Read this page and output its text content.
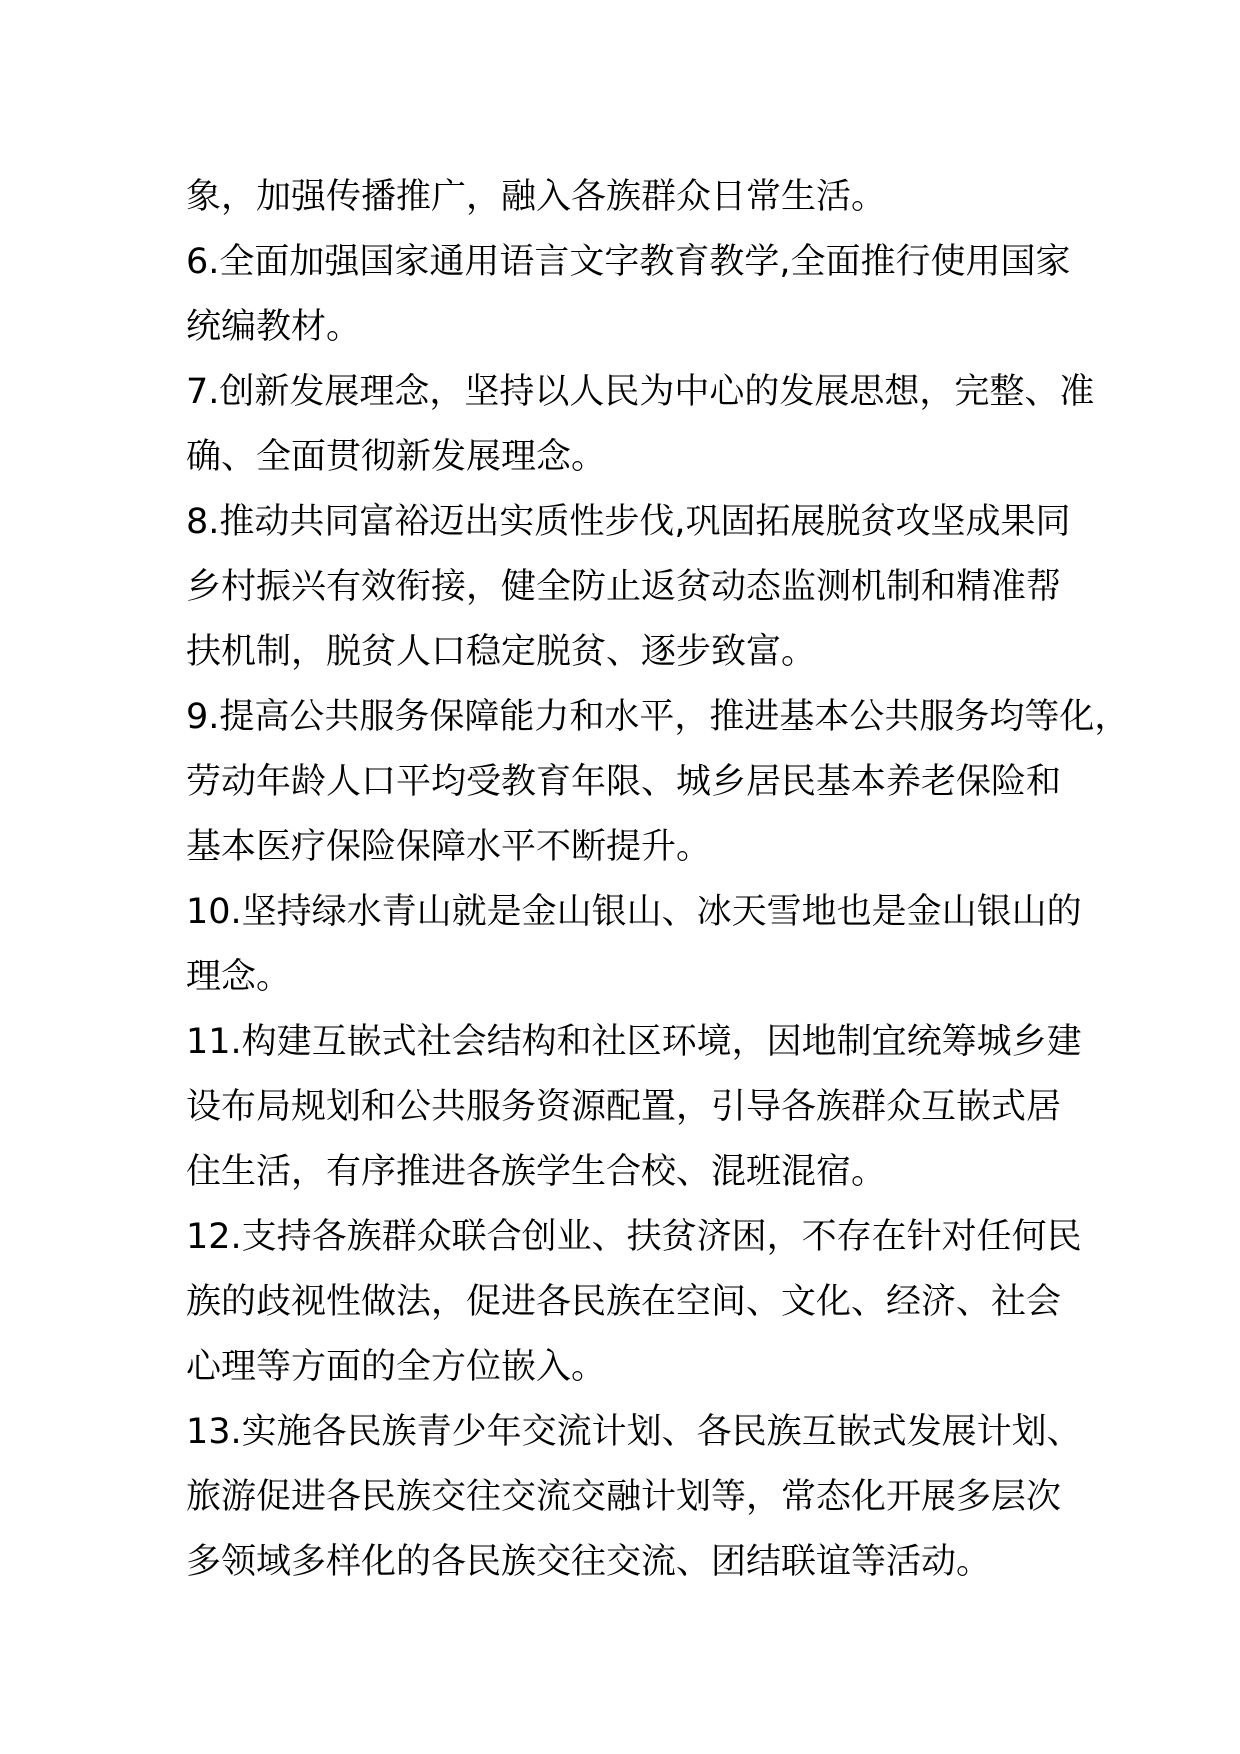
象，加强传播推广，融入各族群众日常生活。
6.全面加强国家通用语言文字教育教学,全面推行使用国家
统编教材。
7.创新发展理念，坚持以人民为中心的发展思想，完整、准
确、全面贯彻新发展理念。
8.推动共同富裕迈出实质性步伐,巩固拓展脱贫攻坚成果同
乡村振兴有效衔接，健全防止返贫动态监测机制和精准帮
扶机制，脱贫人口稳定脱贫、逐步致富。
9.提高公共服务保障能力和水平，推进基本公共服务均等化，
劳动年龄人口平均受教育年限、城乡居民基本养老保险和
基本医疗保险保障水平不断提升。
10.坚持绿水青山就是金山银山、冰天雪地也是金山银山的
理念。
11.构建互嵌式社会结构和社区环境，因地制宜统筹城乡建
设布局规划和公共服务资源配置，引导各族群众互嵌式居
住生活，有序推进各族学生合校、混班混宿。
12.支持各族群众联合创业、扶贫济困，不存在针对任何民
族的歧视性做法，促进各民族在空间、文化、经济、社会
心理等方面的全方位嵌入。
13.实施各民族青少年交流计划、各民族互嵌式发展计划、
旅游促进各民族交往交流交融计划等，常态化开展多层次
多领域多样化的各民族交往交流、团结联谊等活动。
